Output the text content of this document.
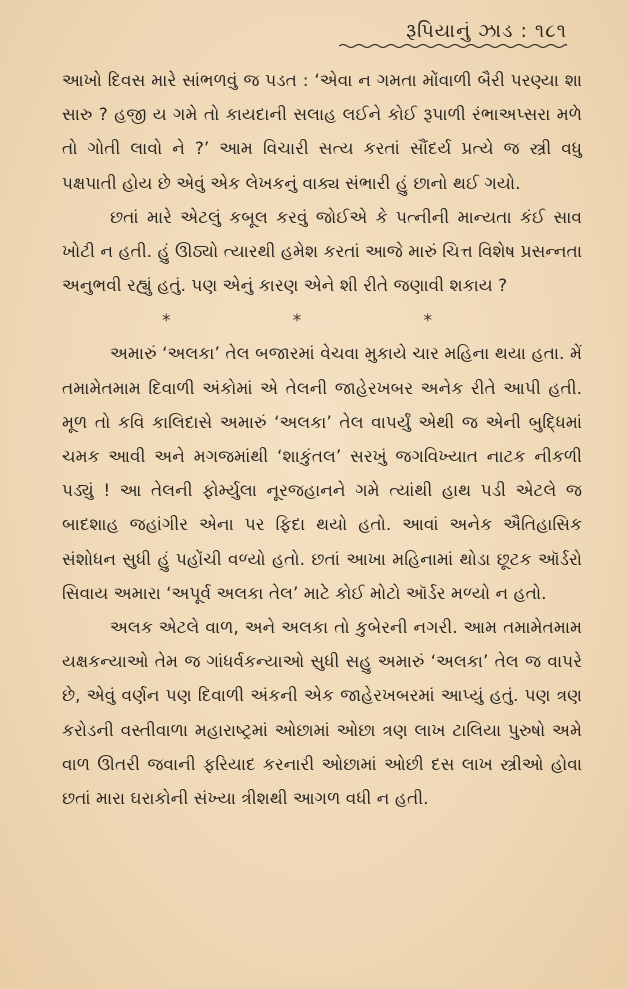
રૂપિયાનું ઝાડ : ૧૮૧

આખો દિવસ મારે સાંભળવું જ પડત : ‘એવા ન ગમતા મોંવાળી બૈરી પરણ્યા શા સારુ ? હજી ય ગમે તો કાયદાની સલાહ લઈને કોઈ રૂપાળી રંભાઅપ્સરા મળે તો ગોતી લાવો ને ?’ આમ વિચારી સત્ય કરતાં સૌંદર્ય પ્રત્યે જ સ્ત્રી વધુ પક્ષપાતી હોય છે એવું એક લેખકનું વાક્ય સંભારી હું છાનો થઈ ગયો.

છતાં મારે એટલું કબૂલ કરવું જોઈએ કે પત્નીની માન્યતા કંઈ સાવ ખોટી ન હતી. હું ઊઠ્યો ત્યારથી હમેશ કરતાં આજે મારું ચિત્ત વિશેષ પ્રસન્નતા અનુભવી રહ્યું હતું. પણ એનું કારણ એને શી રીતે જણાવી શકાય ?

*	*	*

અમારું ‘અલકા’ તેલ બજારમાં વેચવા મુકાયે ચાર મહિના થયા હતા. મેં તમામેતમામ દિવાળી અંકોમાં એ તેલની જાહેરખબર અનેક રીતે આપી હતી. મૂળ તો કવિ કાલિદાસે અમારું ‘અલકા’ તેલ વાપર્યું એથી જ એની બુદ્ધિમાં ચમક આવી અને મગજમાંથી ‘શાકુંતલ’ સરખું જગવિખ્યાત નાટક નીકળી પડ્યું ! આ તેલની ફોર્મ્યુલા નૂરજહાનને ગમે ત્યાંથી હાથ પડી એટલે જ બાદશાહ જહાંગીર એના પર ફિદા થયો હતો. આવાં અનેક ઐતિહાસિક સંશોધન સુધી હું પહોંચી વળ્યો હતો. છતાં આખા મહિનામાં થોડા છૂટક ઑર્ડરો સિવાય અમારા ‘અપૂર્વ અલકા તેલ’ માટે કોઈ મોટો ઑર્ડર મળ્યો ન હતો.

અલક એટલે વાળ, અને અલકા તો કુબેરની નગરી. આમ તમામેતમામ યક્ષકન્યાઓ તેમ જ ગાંધર્વકન્યાઓ સુધી સહુ અમારું ‘અલકા’ તેલ જ વાપરે છે, એવું વર્ણન પણ દિવાળી અંકની એક જાહેરખબરમાં આપ્યું હતું. પણ ત્રણ કરોડની વસ્તીવાળા મહારાષ્ટ્રમાં ઓછામાં ઓછા ત્રણ લાખ ટાલિયા પુરુષો અમે વાળ ઊતરી જવાની ફરિયાદ કરનારી ઓછામાં ઓછી દસ લાખ સ્ત્રીઓ હોવા છતાં મારા ઘરાકોની સંખ્યા ત્રીશથી આગળ વધી ન હતી.
